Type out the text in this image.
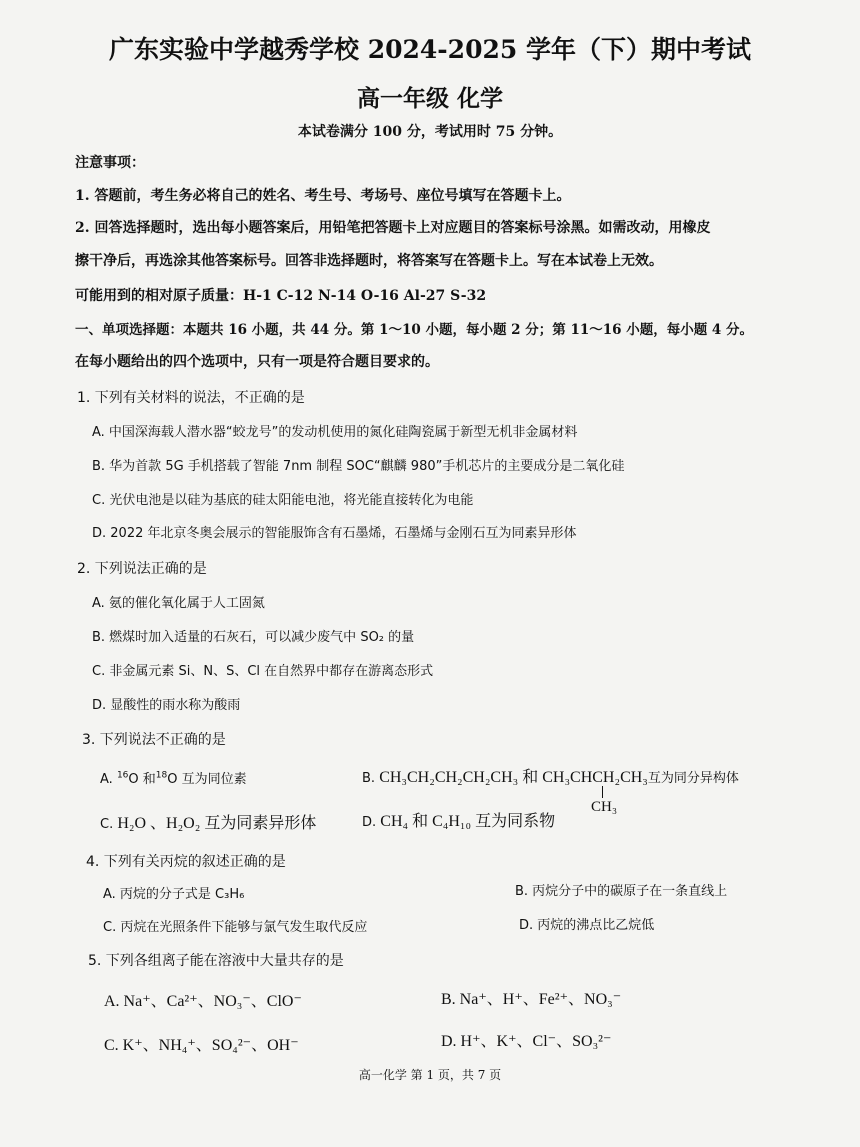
广东实验中学越秀学校 2024-2025 学年（下）期中考试
高一年级 化学
本试卷满分 100 分，考试用时 75 分钟。
注意事项：
1. 答题前，考生务必将自己的姓名、考生号、考场号、座位号填写在答题卡上。
2. 回答选择题时，选出每小题答案后，用铅笔把答题卡上对应题目的答案标号涂黑。如需改动，用橡皮
擦干净后，再选涂其他答案标号。回答非选择题时，将答案写在答题卡上。写在本试卷上无效。
可能用到的相对原子质量：H-1 C-12 N-14 O-16 Al-27 S-32
一、单项选择题：本题共 16 小题，共 44 分。第 1～10 小题，每小题 2 分；第 11～16 小题，每小题 4 分。
在每小题给出的四个选项中，只有一项是符合题目要求的。
1. 下列有关材料的说法，不正确的是
A. 中国深海载人潜水器“蛟龙号”的发动机使用的氮化硅陶瓷属于新型无机非金属材料
B. 华为首款 5G 手机搭载了智能 7nm 制程 SOC“麒麟 980”手机芯片的主要成分是二氧化硅
C. 光伏电池是以硅为基底的硅太阳能电池，将光能直接转化为电能
D. 2022 年北京冬奥会展示的智能服饰含有石墨烯，石墨烯与金刚石互为同素异形体
2. 下列说法正确的是
A. 氨的催化氧化属于人工固氮
B. 燃煤时加入适量的石灰石，可以减少废气中 SO₂ 的量
C. 非金属元素 Si、N、S、Cl 在自然界中都存在游离态形式
D. 显酸性的雨水称为酸雨
3. 下列说法不正确的是
A. $^{16}$O 和$^{18}$O 互为同位素	B. CH₃CH₂CH₂CH₂CH₃ 和 CH₃CHCH₂CH₃互为同分异构体
CH₃
C. H₂O 、H₂O₂ 互为同素异形体	D. CH₄ 和 C₄H₁₀ 互为同系物
4. 下列有关丙烷的叙述正确的是
A. 丙烷的分子式是 C₃H₆	B. 丙烷分子中的碳原子在一条直线上
C. 丙烷在光照条件下能够与氯气发生取代反应	D. 丙烷的沸点比乙烷低
5. 下列各组离子能在溶液中大量共存的是
A. Na⁺、Ca²⁺、NO₃⁻、ClO⁻	B. Na⁺、H⁺、Fe²⁺、NO₃⁻
C. K⁺、NH₄⁺、SO₄²⁻、OH⁻	D. H⁺、K⁺、Cl⁻、SO₃²⁻
高一化学 第 1 页，共 7 页
